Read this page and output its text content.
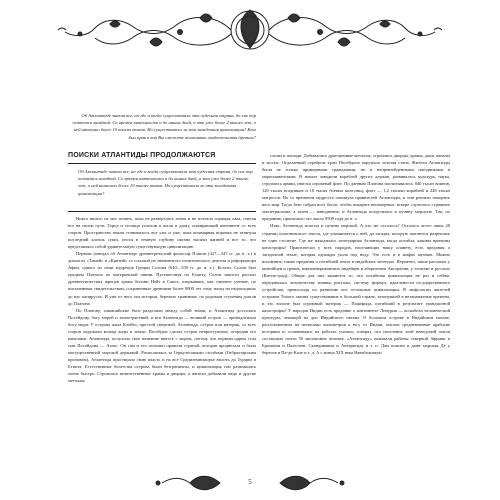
Об Атлантиде знают все, но где и когда существовала эта чудесная страна, до сих пор остается загадкой. Со времен античности и до наших дней, а это уже более 2 тысяч лет, о ней написано более 10 тысяч томов. Но существовала ли эта загадочная цивилизация? Кто был прав и как Вы сможете толковать свидетельства древних?
ПОИСКИ АТЛАНТИДЫ ПРОДОЛЖАЮТСЯ
Об Атлантиде знают все, но где и когда существовала эта чудесная страна, до сих пор остается загадкой. Со времен античности и до наших дней, а это уже более 2 тысяч лет, о ней написано более 10 тысяч томов. Но существовала ли эта загадочная цивилизация?

Никто ничего не мог понять, пока не разверзлась земля и не потекла горящая лава, сметая все на своем пути. Город и столица утопали в пыли и дыму, пожирающий континент со всех сторон. Пространство земли становилось все уже и уже, пока кошмарная воронка не затянула последний клочок суши, унося в темную глубину океана тысячи жизней и все то, что представляло собой удивительную существующую цивилизацию.

Первым поведал об Атлантиде древнегреческий философ Платон (427—347 гг. до н. э.) в диалогах «Тимей» и «Критий» со ссылкой на знаменитого политического деятеля и реформатора Афин, одного из семи мудрецов Греции Солона (640—559 гг. до н. э.). Кстати, Солон был предком Платона по материнской линии. Путешествуя по Египту, Солон записал рассказ древнеегипетских жрецов храма богини Нейт в Саисе, открывших, как считают ученые, по письменным свидетельствам, сохраненные древними более 9000 лет тому назад на недошедших до нас папирусах. И уже от него эти истории, бережно хранимые, по родовым ступеням дошли до Платона.

По Платону, олимпийские боги разделили между собой земли, и Атлантида досталась Посейдону, богу морей и землетрясений, и вся Атлантида — великий остров — принадлежала богу моря. У острова жила Клейто, простой смертной. Атлантида, остров или материк, со всех сторон окружали кольца воды и земли. Посейдон сделал остров неприступным, огородив его каналами. Атлантида, получила свое название вместе с морем, потому что первым царем стал сын Посейдона — Атлас. Он сам и его потомки правили страной, которая процветала и была могущественной морской державой. Располагаясь за Геркулесовыми столбами (Гибралтарским проливом), Атлантида простирала свою власть и на все Средиземноморье вплоть до Турции и Египта. Естественные богатства острова были безграничны, и цивилизация там развивалась очень быстро. Строились величественные храмы и дворцы, а жители добывали медь и другие металлы.

слоны и пошади. Добывались драгоценные металлы, строились дворцы, храмы, доки, каналы и мосты. Отделанный серебром храм Посейдона окружала золотая стена. Жители Атлантиды были не только примерными гражданами, но и непревзойденными наездниками и мореплавателями. В начале заводили кораблей других держав, развивалась культура, наука, строились армии, имелся огромный флот. По данным Платона насчитывалось 840 тысяч воинов, 120 тысяч всадников и 10 тысяч боевых колесниц, флот — 1,2 тысячи кораблей и 240 тысяч матросов. Но со временем мудрость покинула правителей Атлантиды, и они решили покорить весь мир. Тогда Зевс собрал всех богов, чтобы покарать непокорных: вскоре случилось страшное землетрясение, а затем — наводнение, и Атлантида погрузилась в пучину морскую. Так, по преданию, произошло это около 9500 года до н. э.

Итак, Атлантида исчезла в пучине морской. А что же осталось? Осталось всего лишь 20 страниц платоновского текста, где упоминается о ней, да загадка, которую пытаются разрешить не одно столетие. Где же находилась легендарная Атлантида, когда погибла, каковы причины катастрофы? Практически у всех народов, населяющих нашу планету, есть предания о загадочной земле, которая однажды ушла под воду. Это есть и в мифах ацтеков. Можно вспомнить также предания о погибшей земле в индейских легендах. Вероятно, такие рассказы у кинтайцев и греков, южноамериканских индейцев и аборигенов Австралии, у египтян и русских (Китеж-град). Общие для них являются то, что погибшая цивилизация не раз и сейчас передавалась человечеству знания, ритуалы, систему формул, идеальности государственного устройства, превосходя по развитию все остальные цивилизации. В мифологии жителей островов Тихого океана существование в большой стране, затонувшей в незапамятные времена, и это вполне был огромный материк — Пацифида, погибший в результате грандиозной катастрофы? У народов Индии есть предание о континенте Лемурия — колыбели человеческой культуры, лежащей на дно Индийского океана. О большом острове в Индийском океане, расположенном на несколько километров к югу от Индии, писали средневековые арабские историки и, основываясь на работах ученых, говорят, что население этой неведомой земли составляло почти 50 миллионов человек. «Атлантиду» называли районы северной Африки и Бразилии и Палестин, Скандинавии и Антарктиде и т. п. Дам поиски и даже морская Дё у берегов и Па-де-Кале и т. д. А с конца XIX века Наваболишую

5
